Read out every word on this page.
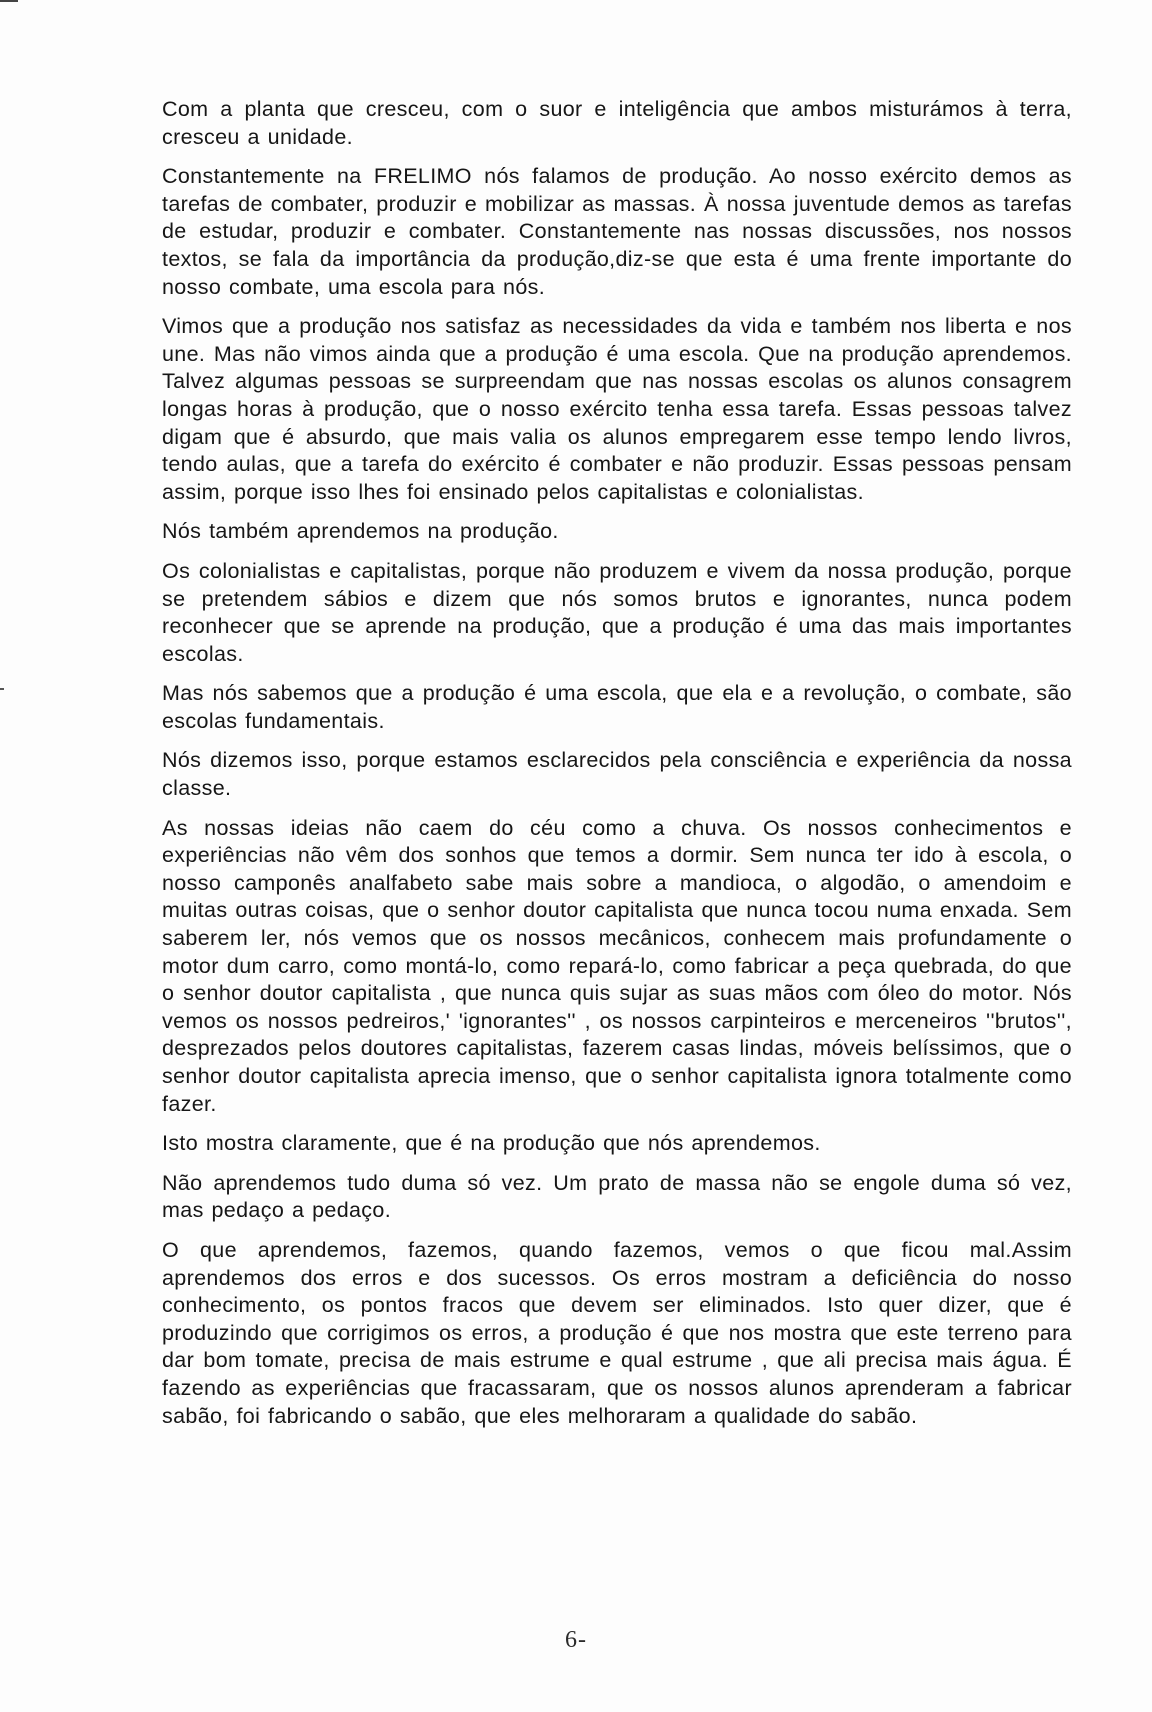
Com a planta que cresceu, com o suor e inteligência que ambos misturámos à terra, cresceu a unidade.

Constantemente na FRELIMO nós falamos de produção. Ao nosso exército demos as tarefas de combater, produzir e mobilizar as massas. À nossa juventude demos as tarefas de estudar, produzir e combater. Constantemente nas nossas discussões, nos nossos textos, se fala da importância da produção,diz-se que esta é uma frente importante do nosso combate, uma escola para nós.

Vimos que a produção nos satisfaz as necessidades da vida e também nos liberta e nos une. Mas não vimos ainda que a produção é uma escola. Que na produção aprendemos. Talvez algumas pessoas se surpreendam que nas nossas escolas os alunos consagrem longas horas à produção, que o nosso exército tenha essa tarefa. Essas pessoas talvez digam que é absurdo, que mais valia os alunos empregarem esse tempo lendo livros, tendo aulas, que a tarefa do exército é combater e não produzir. Essas pessoas pensam assim, porque isso lhes foi ensinado pelos capitalistas e colonialistas.

Nós também aprendemos na produção.

Os colonialistas e capitalistas, porque não produzem e vivem da nossa produção, porque se pretendem sábios e dizem que nós somos brutos e ignorantes, nunca podem reconhecer que se aprende na produção, que a produção é uma das mais importantes escolas.

Mas nós sabemos que a produção é uma escola, que ela e a revolução, o combate, são escolas fundamentais.

Nós dizemos isso, porque estamos esclarecidos pela consciência e experiência da nossa classe.

As nossas ideias não caem do céu como a chuva. Os nossos conhecimentos e experiências não vêm dos sonhos que temos a dormir. Sem nunca ter ido à escola, o nosso camponês analfabeto sabe mais sobre a mandioca, o algodão, o amendoim e muitas outras coisas, que o senhor doutor capitalista que nunca tocou numa enxada. Sem saberem ler, nós vemos que os nossos mecânicos, conhecem mais profundamente o motor dum carro, como montá-lo, como repará-lo, como fabricar a peça quebrada, do que o senhor doutor capitalista , que nunca quis sujar as suas mãos com óleo do motor. Nós vemos os nossos pedreiros,' 'ignorantes'' , os nossos carpinteiros e merceneiros ''brutos'', desprezados pelos doutores capitalistas, fazerem casas lindas, móveis belíssimos, que o senhor doutor capitalista aprecia imenso, que o senhor capitalista ignora totalmente como fazer.

Isto mostra claramente, que é na produção que nós aprendemos.

Não aprendemos tudo duma só vez. Um prato de massa não se engole duma só vez, mas pedaço a pedaço.

O que aprendemos, fazemos, quando fazemos, vemos o que ficou mal.Assim aprendemos dos erros e dos sucessos. Os erros mostram a deficiência do nosso conhecimento, os pontos fracos que devem ser eliminados. Isto quer dizer, que é produzindo que corrigimos os erros, a produção é que nos mostra que este terreno para dar bom tomate, precisa de mais estrume e qual estrume , que ali precisa mais água. É fazendo as experiências que fracassaram, que os nossos alunos aprenderam a fabricar sabão, foi fabricando o sabão, que eles melhoraram a qualidade do sabão.

6-
